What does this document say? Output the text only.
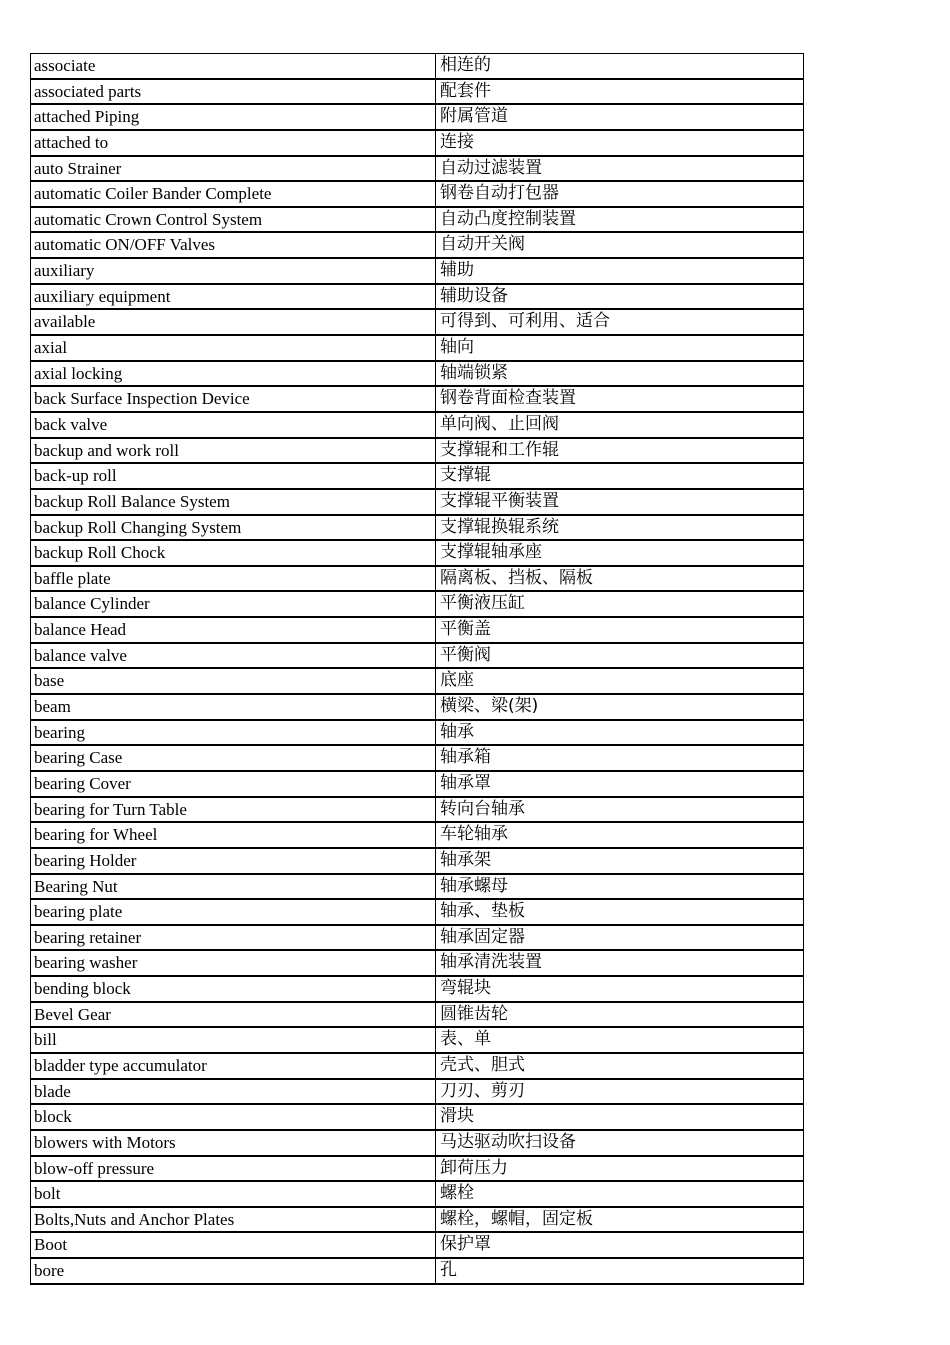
associate	相连的
associated parts	配套件
attached Piping	附属管道
attached to	连接
auto Strainer	自动过滤装置
automatic Coiler Bander Complete	钢卷自动打包器
automatic Crown Control System	自动凸度控制装置
automatic ON/OFF Valves	自动开关阀
auxiliary	辅助
auxiliary equipment	辅助设备
available	可得到、可利用、适合
axial	轴向
axial locking	轴端锁紧
back Surface Inspection Device	钢卷背面检查装置
back valve	单向阀、止回阀
backup and work roll	支撑辊和工作辊
back-up roll	支撑辊
backup Roll Balance System	支撑辊平衡装置
backup Roll Changing System	支撑辊换辊系统
backup Roll Chock	支撑辊轴承座
baffle plate	隔离板、挡板、隔板
balance Cylinder	平衡液压缸
balance Head	平衡盖
balance valve	平衡阀
base	底座
beam	横梁、梁(架)
bearing	轴承
bearing Case	轴承箱
bearing Cover	轴承罩
bearing for Turn Table	转向台轴承
bearing for Wheel	车轮轴承
bearing Holder	轴承架
Bearing Nut	轴承螺母
bearing plate	轴承、垫板
bearing retainer	轴承固定器
bearing washer	轴承清洗装置
bending block	弯辊块
Bevel Gear	圆锥齿轮
bill	表、单
bladder type accumulator	壳式、胆式
blade	刀刃、剪刃
block	滑块
blowers with Motors	马达驱动吹扫设备
blow-off pressure	卸荷压力
bolt	螺栓
Bolts,Nuts and Anchor Plates	螺栓，螺帽，固定板
Boot	保护罩
bore	孔
